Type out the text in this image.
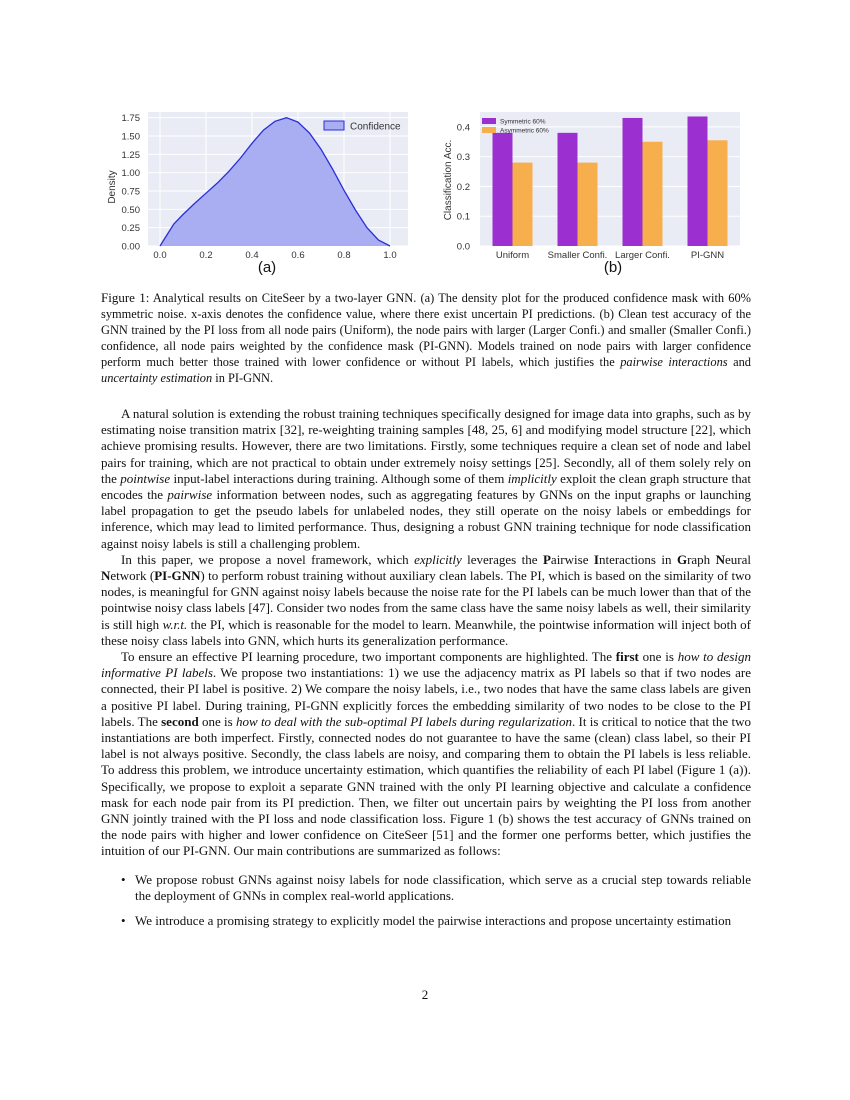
0.00
0.25
0.50
0.75
1.00
1.25
1.50
1.75
0.0	0.2	0.4	0.6	0.8	1.0
Confidence
Density
(a)
0.0
0.1
0.2
0.3
0.4
Uniform Smaller Confi. Larger Confi. PI-GNN
Symmetric 60%
Asymmetric 60%
Classification Acc.
(b)
Figure 1: Analytical results on CiteSeer by a two-layer GNN. (a) The density plot for the produced confidence mask with 60% symmetric noise. x-axis denotes the confidence value, where there exist uncertain PI predictions. (b) Clean test accuracy of the GNN trained by the PI loss from all node pairs (Uniform), the node pairs with larger (Larger Confi.) and smaller (Smaller Confi.) confidence, all node pairs weighted by the confidence mask (PI-GNN). Models trained on node pairs with larger confidence perform much better those trained with lower confidence or without PI labels, which justifies the pairwise interactions and uncertainty estimation in PI-GNN.

A natural solution is extending the robust training techniques specifically designed for image data into graphs, such as by estimating noise transition matrix [32], re-weighting training samples [48, 25, 6] and modifying model structure [22], which achieve promising results. However, there are two limitations. Firstly, some techniques require a clean set of node and label pairs for training, which are not practical to obtain under extremely noisy settings [25]. Secondly, all of them solely rely on the pointwise input-label interactions during training. Although some of them implicitly exploit the clean graph structure that encodes the pairwise information between nodes, such as aggregating features by GNNs on the input graphs or launching label propagation to get the pseudo labels for unlabeled nodes, they still operate on the noisy labels or embeddings for inference, which may lead to limited performance. Thus, designing a robust GNN training technique for node classification against noisy labels is still a challenging problem.

In this paper, we propose a novel framework, which explicitly leverages the Pairwise Interactions in Graph Neural Network (PI-GNN) to perform robust training without auxiliary clean labels. The PI, which is based on the similarity of two nodes, is meaningful for GNN against noisy labels because the noise rate for the PI labels can be much lower than that of the pointwise noisy class labels [47]. Consider two nodes from the same class have the same noisy labels as well, their similarity is still high w.r.t. the PI, which is reasonable for the model to learn. Meanwhile, the pointwise information will inject both of these noisy class labels into GNN, which hurts its generalization performance.

To ensure an effective PI learning procedure, two important components are highlighted. The first one is how to design informative PI labels. We propose two instantiations: 1) we use the adjacency matrix as PI labels so that if two nodes are connected, their PI label is positive. 2) We compare the noisy labels, i.e., two nodes that have the same class labels are given a positive PI label. During training, PI-GNN explicitly forces the embedding similarity of two nodes to be close to the PI labels. The second one is how to deal with the sub-optimal PI labels during regularization. It is critical to notice that the two instantiations are both imperfect. Firstly, connected nodes do not guarantee to have the same (clean) class label, so their PI label is not always positive. Secondly, the class labels are noisy, and comparing them to obtain the PI labels is less reliable. To address this problem, we introduce uncertainty estimation, which quantifies the reliability of each PI label (Figure 1 (a)). Specifically, we propose to exploit a separate GNN trained with the only PI learning objective and calculate a confidence mask for each node pair from its PI prediction. Then, we filter out uncertain pairs by weighting the PI loss from another GNN jointly trained with the PI loss and node classification loss. Figure 1 (b) shows the test accuracy of GNNs trained on the node pairs with higher and lower confidence on CiteSeer [51] and the former one performs better, which justifies the intuition of our PI-GNN. Our main contributions are summarized as follows:

• We propose robust GNNs against noisy labels for node classification, which serve as a crucial step towards reliable the deployment of GNNs in complex real-world applications.
• We introduce a promising strategy to explicitly model the pairwise interactions and propose uncertainty estimation
2
